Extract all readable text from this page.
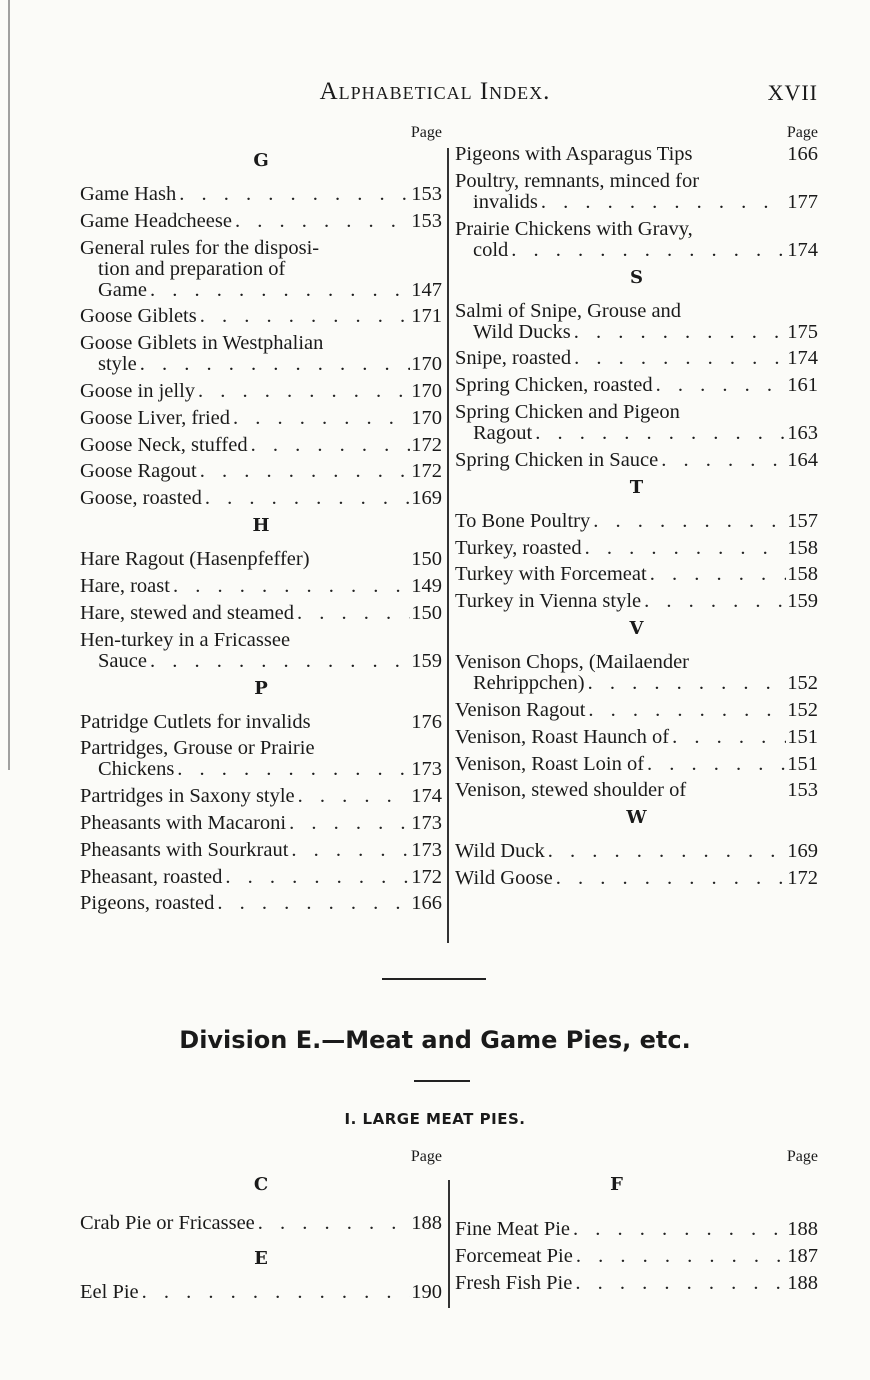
Alphabetical Index.	XVII
Page
G
Game Hash . . .	153
Game Headcheese . . .	153
General rules for the disposi-
tion and preparation of
Game . . .	147
Goose Giblets . . .	171
Goose Giblets in Westphalian
style . . .	170
Goose in jelly . . .	170
Goose Liver, fried . . .	170
Goose Neck, stuffed . . .	172
Goose Ragout . . .	172
Goose, roasted . . .	169
H
Hare Ragout (Hasenpfeffer)	150
Hare, roast . . .	149
Hare, stewed and steamed . . .	150
Hen-turkey in a Fricassee
Sauce . . .	159
P
Patridge Cutlets for invalids	176
Partridges, Grouse or Prairie
Chickens . . .	173
Partridges in Saxony style . . .	174
Pheasants with Macaroni . . .	173
Pheasants with Sourkraut . . .	173
Pheasant, roasted . . .	172
Pigeons, roasted . . .	166
Page
Pigeons with Asparagus Tips	166
Poultry, remnants, minced for
invalids . . .	177
Prairie Chickens with Gravy,
cold . . .	174
S
Salmi of Snipe, Grouse and
Wild Ducks . . .	175
Snipe, roasted . . .	174
Spring Chicken, roasted . . .	161
Spring Chicken and Pigeon
Ragout . . .	163
Spring Chicken in Sauce . . .	164
T
To Bone Poultry . . .	157
Turkey, roasted . . .	158
Turkey with Forcemeat . . .	158
Turkey in Vienna style . . .	159
V
Venison Chops, (Mailaender
Rehrippchen) . . .	152
Venison Ragout . . .	152
Venison, Roast Haunch of . . .	151
Venison, Roast Loin of . . .	151
Venison, stewed shoulder of	153
W
Wild Duck . . .	169
Wild Goose . . .	172
Division E.—Meat and Game Pies, etc.
I. LARGE MEAT PIES.
Page
C
Crab Pie or Fricassee . . .	188
E
Eel Pie . . .	190
Page
F
Fine Meat Pie . . .	188
Forcemeat Pie . . .	187
Fresh Fish Pie . . .	188
